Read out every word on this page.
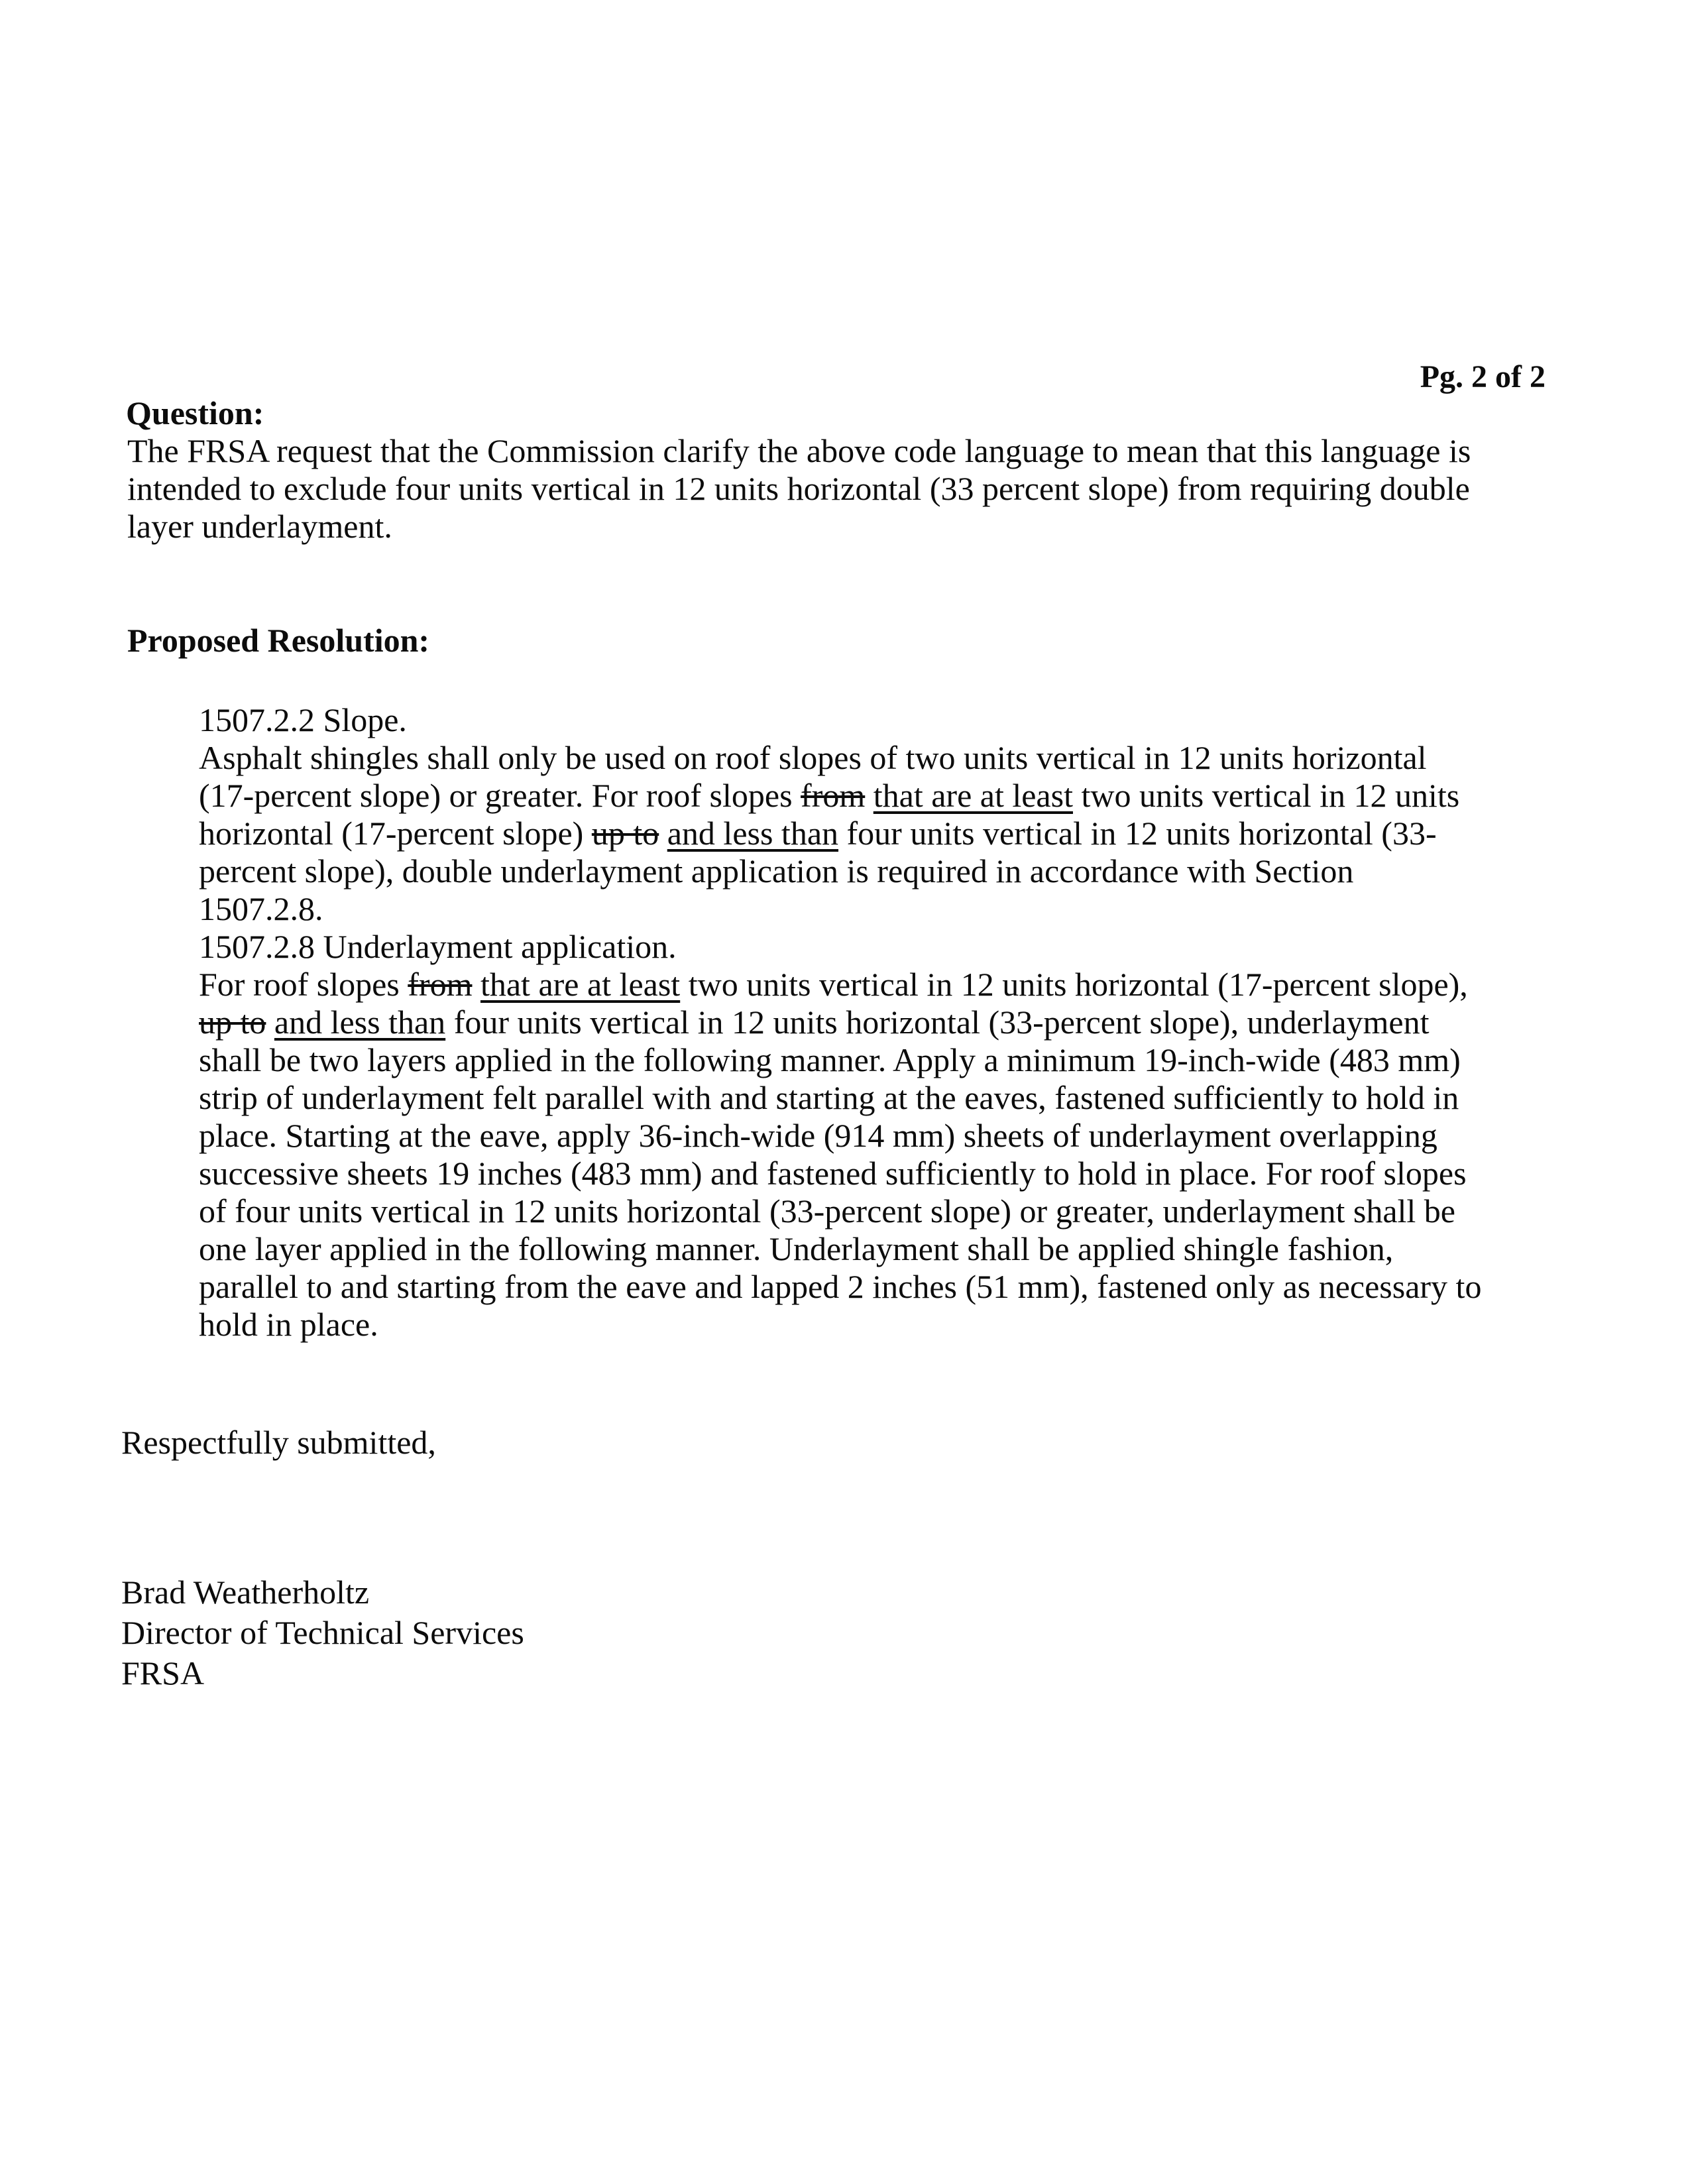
Pg. 2 of 2
Question:
The FRSA request that the Commission clarify the above code language to mean that this language is intended to exclude four units vertical in 12 units horizontal (33 percent slope) from requiring double layer underlayment.
Proposed Resolution:
1507.2.2 Slope.
Asphalt shingles shall only be used on roof slopes of two units vertical in 12 units horizontal (17-percent slope) or greater. For roof slopes from that are at least two units vertical in 12 units horizontal (17-percent slope) up to and less than four units vertical in 12 units horizontal (33-percent slope), double underlayment application is required in accordance with Section 1507.2.8.
1507.2.8 Underlayment application.
For roof slopes from that are at least two units vertical in 12 units horizontal (17-percent slope), up to and less than four units vertical in 12 units horizontal (33-percent slope), underlayment shall be two layers applied in the following manner. Apply a minimum 19-inch-wide (483 mm) strip of underlayment felt parallel with and starting at the eaves, fastened sufficiently to hold in place. Starting at the eave, apply 36-inch-wide (914 mm) sheets of underlayment overlapping successive sheets 19 inches (483 mm) and fastened sufficiently to hold in place. For roof slopes of four units vertical in 12 units horizontal (33-percent slope) or greater, underlayment shall be one layer applied in the following manner. Underlayment shall be applied shingle fashion, parallel to and starting from the eave and lapped 2 inches (51 mm), fastened only as necessary to hold in place.
Respectfully submitted,
Brad Weatherholtz
Director of Technical Services
FRSA
